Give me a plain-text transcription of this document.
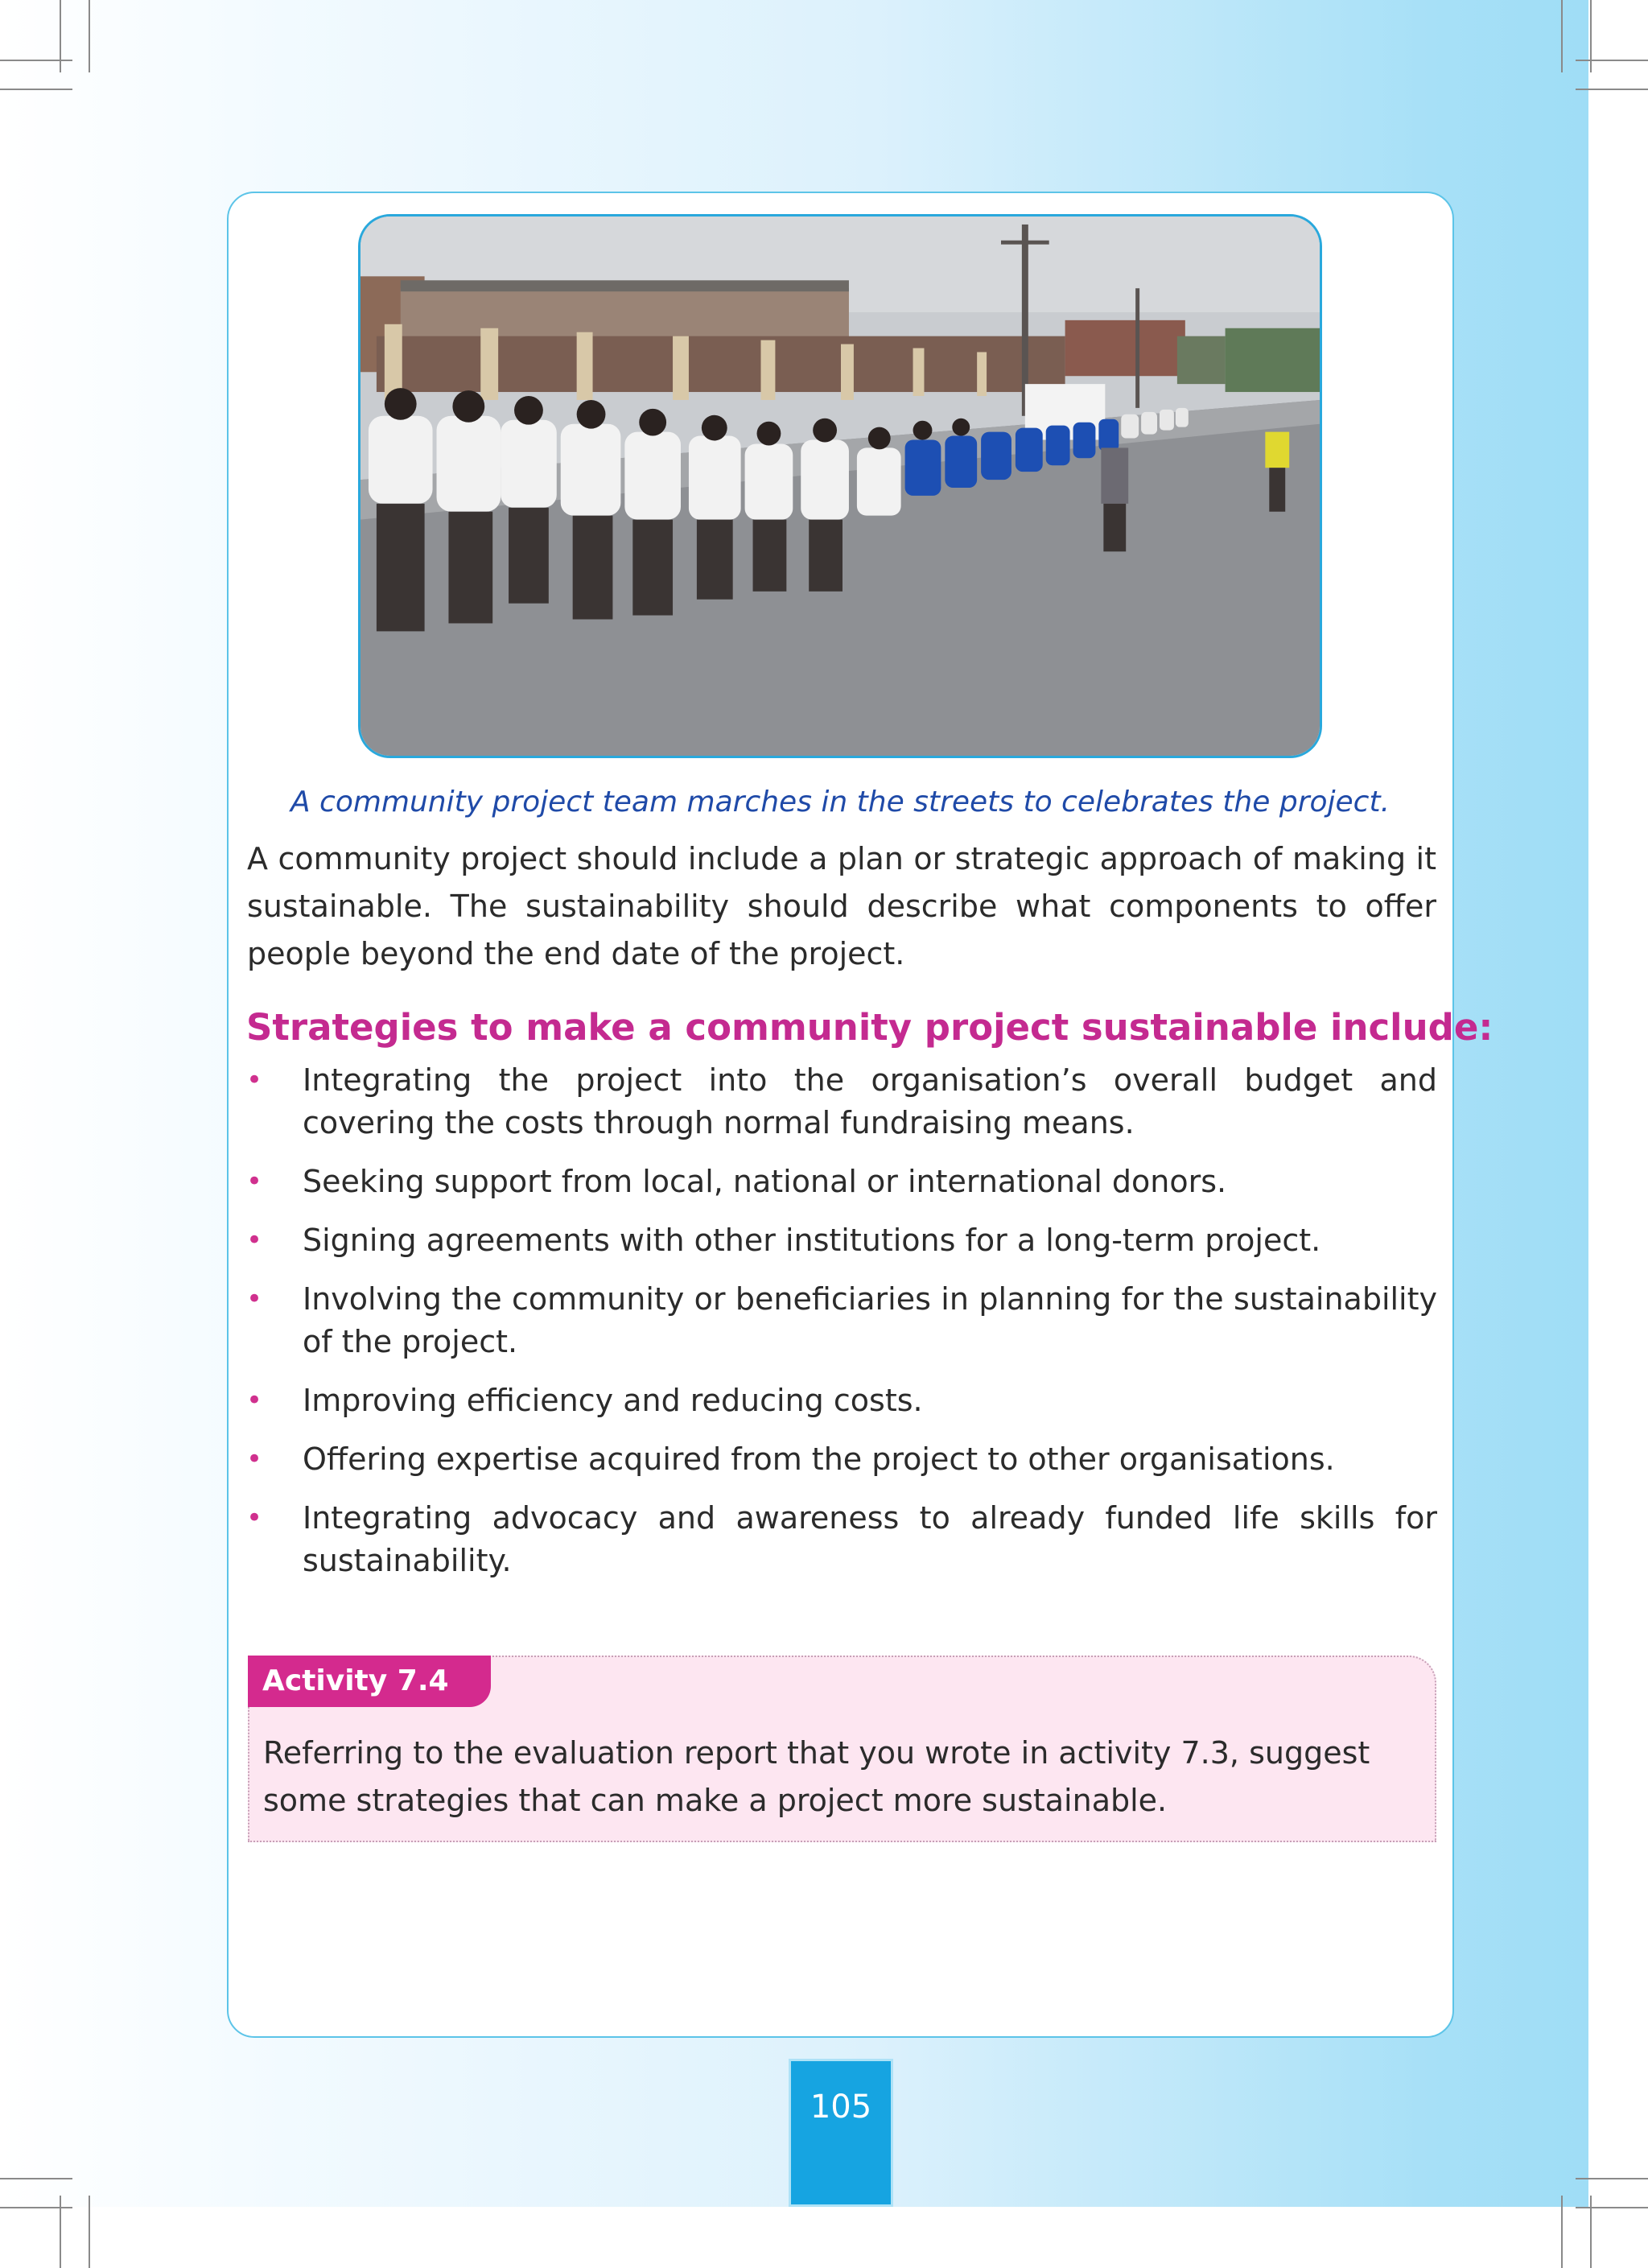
A community project team marches in the streets to celebrates the project.

A community project should include a plan or strategic approach of making it sustainable. The sustainability should describe what components to offer people beyond the end date of the project.

Strategies to make a community project sustainable include:
• Integrating the project into the organisation’s overall budget and covering the costs through normal fundraising means.
• Seeking support from local, national or international donors.
• Signing agreements with other institutions for a long-term project.
• Involving the community or beneficiaries in planning for the sustainability of the project.
• Improving efficiency and reducing costs.
• Offering expertise acquired from the project to other organisations.
• Integrating advocacy and awareness to already funded life skills for sustainability.
Activity 7.4

Referring to the evaluation report that you wrote in activity 7.3, suggest some strategies that can make a project more sustainable.

105
